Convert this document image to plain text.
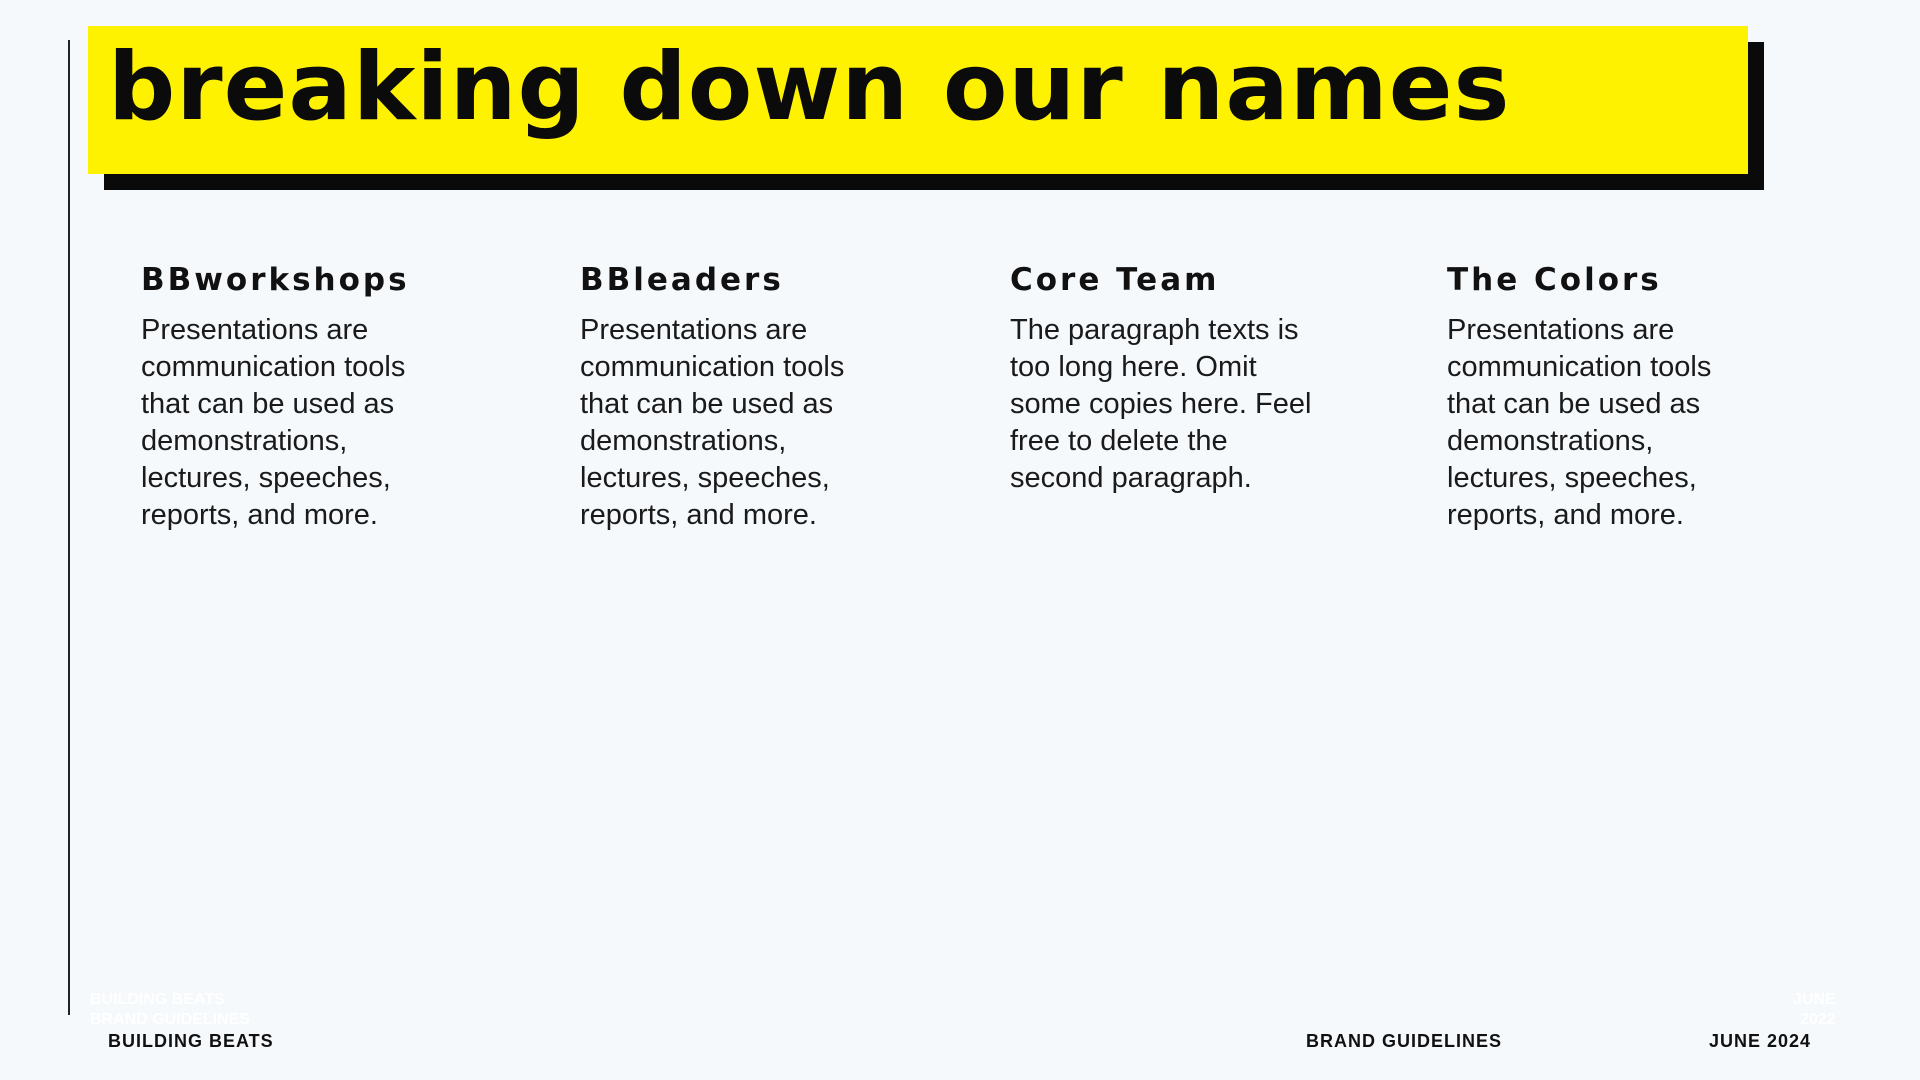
breaking down our names
BBworkshops

Presentations are
communication tools
that can be used as
demonstrations,
lectures, speeches,
reports, and more.

BBleaders

Presentations are
communication tools
that can be used as
demonstrations,
lectures, speeches,
reports, and more.

Core Team

The paragraph texts is
too long here. Omit
some copies here. Feel
free to delete the
second paragraph.

The Colors

Presentations are
communication tools
that can be used as
demonstrations,
lectures, speeches,
reports, and more.

BUILDING BEATS
BRAND GUIDELINES
JUNE
2022
BUILDING BEATS	BRAND GUIDELINES	JUNE 2024
